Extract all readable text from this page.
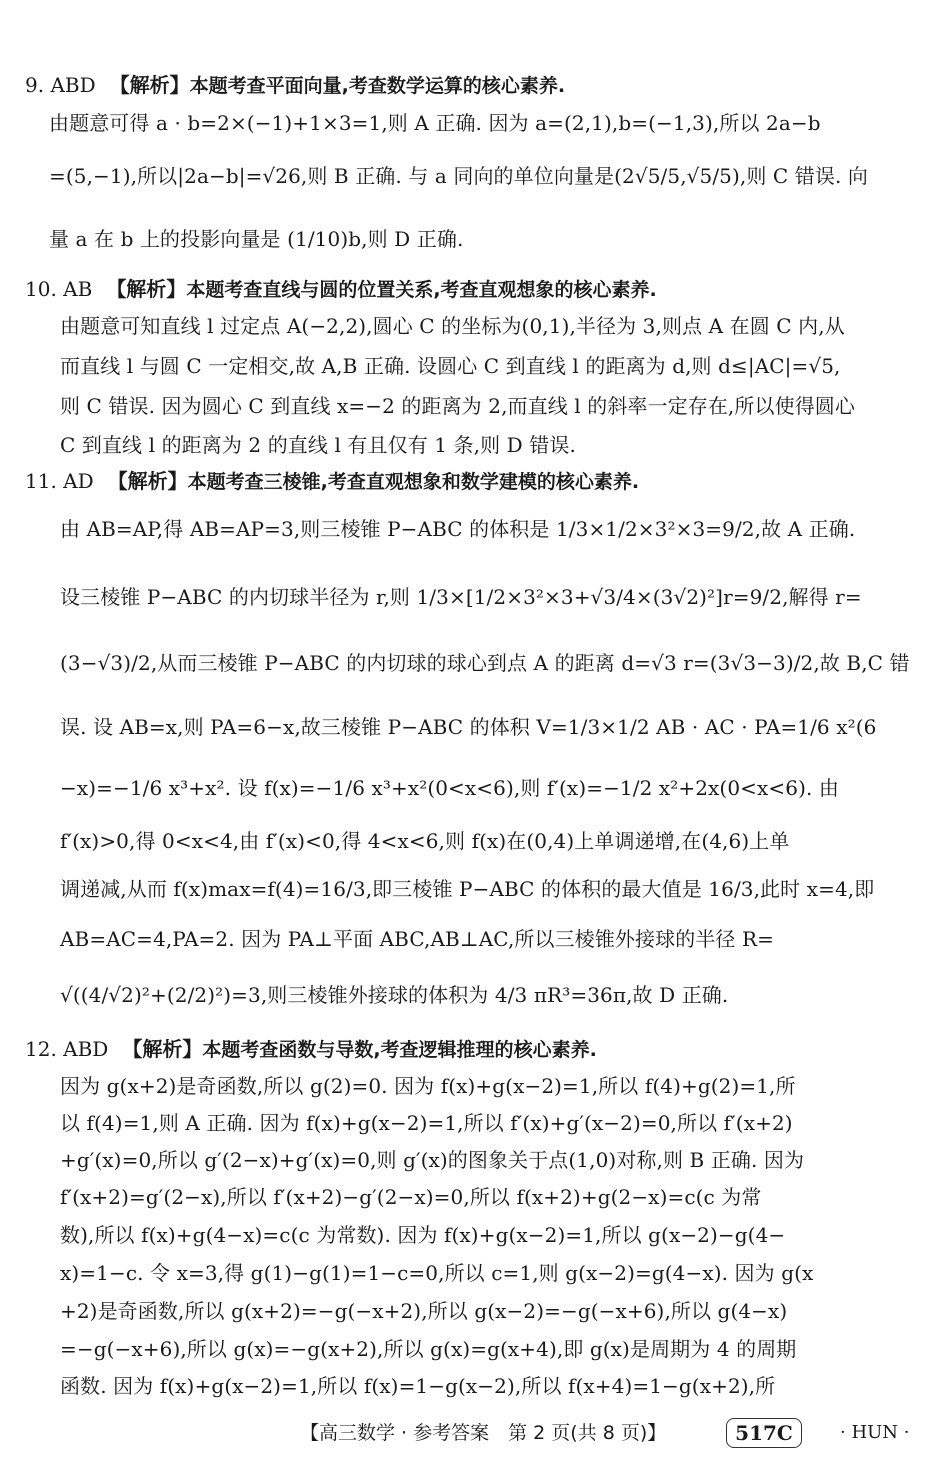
9. ABD 【解析】本题考查平面向量,考查数学运算的核心素养.
由题意可得 a · b=2×(−1)+1×3=1,则 A 正确. 因为 a=(2,1),b=(−1,3),所以 2a−b
=(5,−1),所以|2a−b|=√26,则 B 正确. 与 a 同向的单位向量是(2√5/5,√5/5),则 C 错误. 向
量 a 在 b 上的投影向量是 (1/10)b,则 D 正确.
10. AB 【解析】本题考查直线与圆的位置关系,考查直观想象的核心素养.
由题意可知直线 l 过定点 A(−2,2),圆心 C 的坐标为(0,1),半径为 3,则点 A 在圆 C 内,从
而直线 l 与圆 C 一定相交,故 A,B 正确. 设圆心 C 到直线 l 的距离为 d,则 d≤|AC|=√5,
则 C 错误. 因为圆心 C 到直线 x=−2 的距离为 2,而直线 l 的斜率一定存在,所以使得圆心
C 到直线 l 的距离为 2 的直线 l 有且仅有 1 条,则 D 错误.
11. AD 【解析】本题考查三棱锥,考查直观想象和数学建模的核心素养.
由 AB=AP,得 AB=AP=3,则三棱锥 P−ABC 的体积是 1/3×1/2×3²×3=9/2,故 A 正确.
设三棱锥 P−ABC 的内切球半径为 r,则 1/3×[1/2×3²×3+√3/4×(3√2)²]r=9/2,解得 r=
(3−√3)/2,从而三棱锥 P−ABC 的内切球的球心到点 A 的距离 d=√3 r=(3√3−3)/2,故 B,C 错
误. 设 AB=x,则 PA=6−x,故三棱锥 P−ABC 的体积 V=1/3×1/2 AB · AC · PA=1/6 x²(6
−x)=−1/6 x³+x². 设 f(x)=−1/6 x³+x²(0<x<6),则 f′(x)=−1/2 x²+2x(0<x<6). 由
f′(x)>0,得 0<x<4,由 f′(x)<0,得 4<x<6,则 f(x)在(0,4)上单调递增,在(4,6)上单
调递减,从而 f(x)max=f(4)=16/3,即三棱锥 P−ABC 的体积的最大值是 16/3,此时 x=4,即
AB=AC=4,PA=2. 因为 PA⊥平面 ABC,AB⊥AC,所以三棱锥外接球的半径 R=
√((4/√2)²+(2/2)²)=3,则三棱锥外接球的体积为 4/3 πR³=36π,故 D 正确.
12. ABD 【解析】本题考查函数与导数,考查逻辑推理的核心素养.
因为 g(x+2)是奇函数,所以 g(2)=0. 因为 f(x)+g(x−2)=1,所以 f(4)+g(2)=1,所
以 f(4)=1,则 A 正确. 因为 f(x)+g(x−2)=1,所以 f′(x)+g′(x−2)=0,所以 f′(x+2)
+g′(x)=0,所以 g′(2−x)+g′(x)=0,则 g′(x)的图象关于点(1,0)对称,则 B 正确. 因为
f′(x+2)=g′(2−x),所以 f′(x+2)−g′(2−x)=0,所以 f(x+2)+g(2−x)=c(c 为常
数),所以 f(x)+g(4−x)=c(c 为常数). 因为 f(x)+g(x−2)=1,所以 g(x−2)−g(4−
x)=1−c. 令 x=3,得 g(1)−g(1)=1−c=0,所以 c=1,则 g(x−2)=g(4−x). 因为 g(x
+2)是奇函数,所以 g(x+2)=−g(−x+2),所以 g(x−2)=−g(−x+6),所以 g(4−x)
=−g(−x+6),所以 g(x)=−g(x+2),所以 g(x)=g(x+4),即 g(x)是周期为 4 的周期
函数. 因为 f(x)+g(x−2)=1,所以 f(x)=1−g(x−2),所以 f(x+4)=1−g(x+2),所
【高三数学 · 参考答案　第 2 页(共 8 页)】	517C	· HUN ·
